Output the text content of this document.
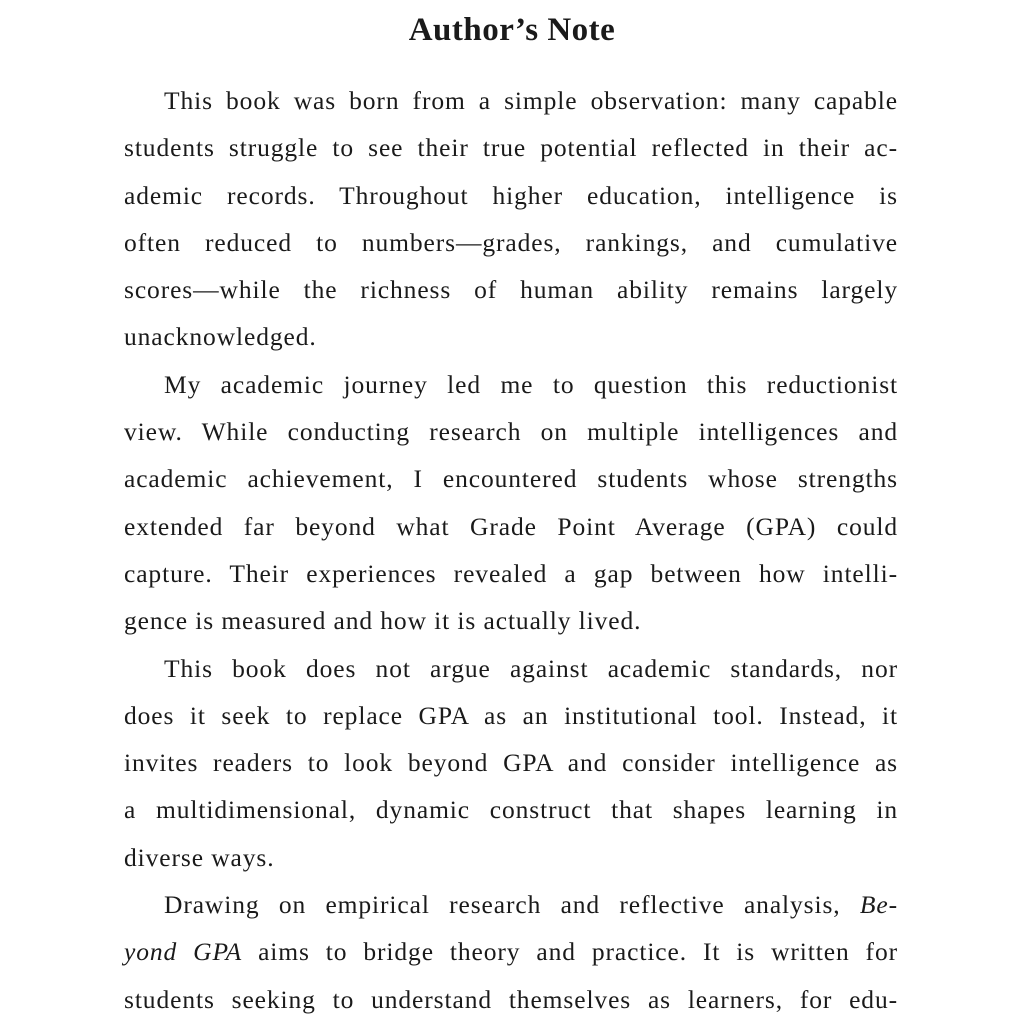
Author’s Note
This book was born from a simple observation: many capable
students struggle to see their true potential reflected in their ac-
ademic records. Throughout higher education, intelligence is
often reduced to numbers—grades, rankings, and cumulative
scores—while the richness of human ability remains largely
unacknowledged.
My academic journey led me to question this reductionist
view. While conducting research on multiple intelligences and
academic achievement, I encountered students whose strengths
extended far beyond what Grade Point Average (GPA) could
capture. Their experiences revealed a gap between how intelli-
gence is measured and how it is actually lived.
This book does not argue against academic standards, nor
does it seek to replace GPA as an institutional tool. Instead, it
invites readers to look beyond GPA and consider intelligence as
a multidimensional, dynamic construct that shapes learning in
diverse ways.
Drawing on empirical research and reflective analysis, Be-
yond GPA aims to bridge theory and practice. It is written for
students seeking to understand themselves as learners, for edu-
